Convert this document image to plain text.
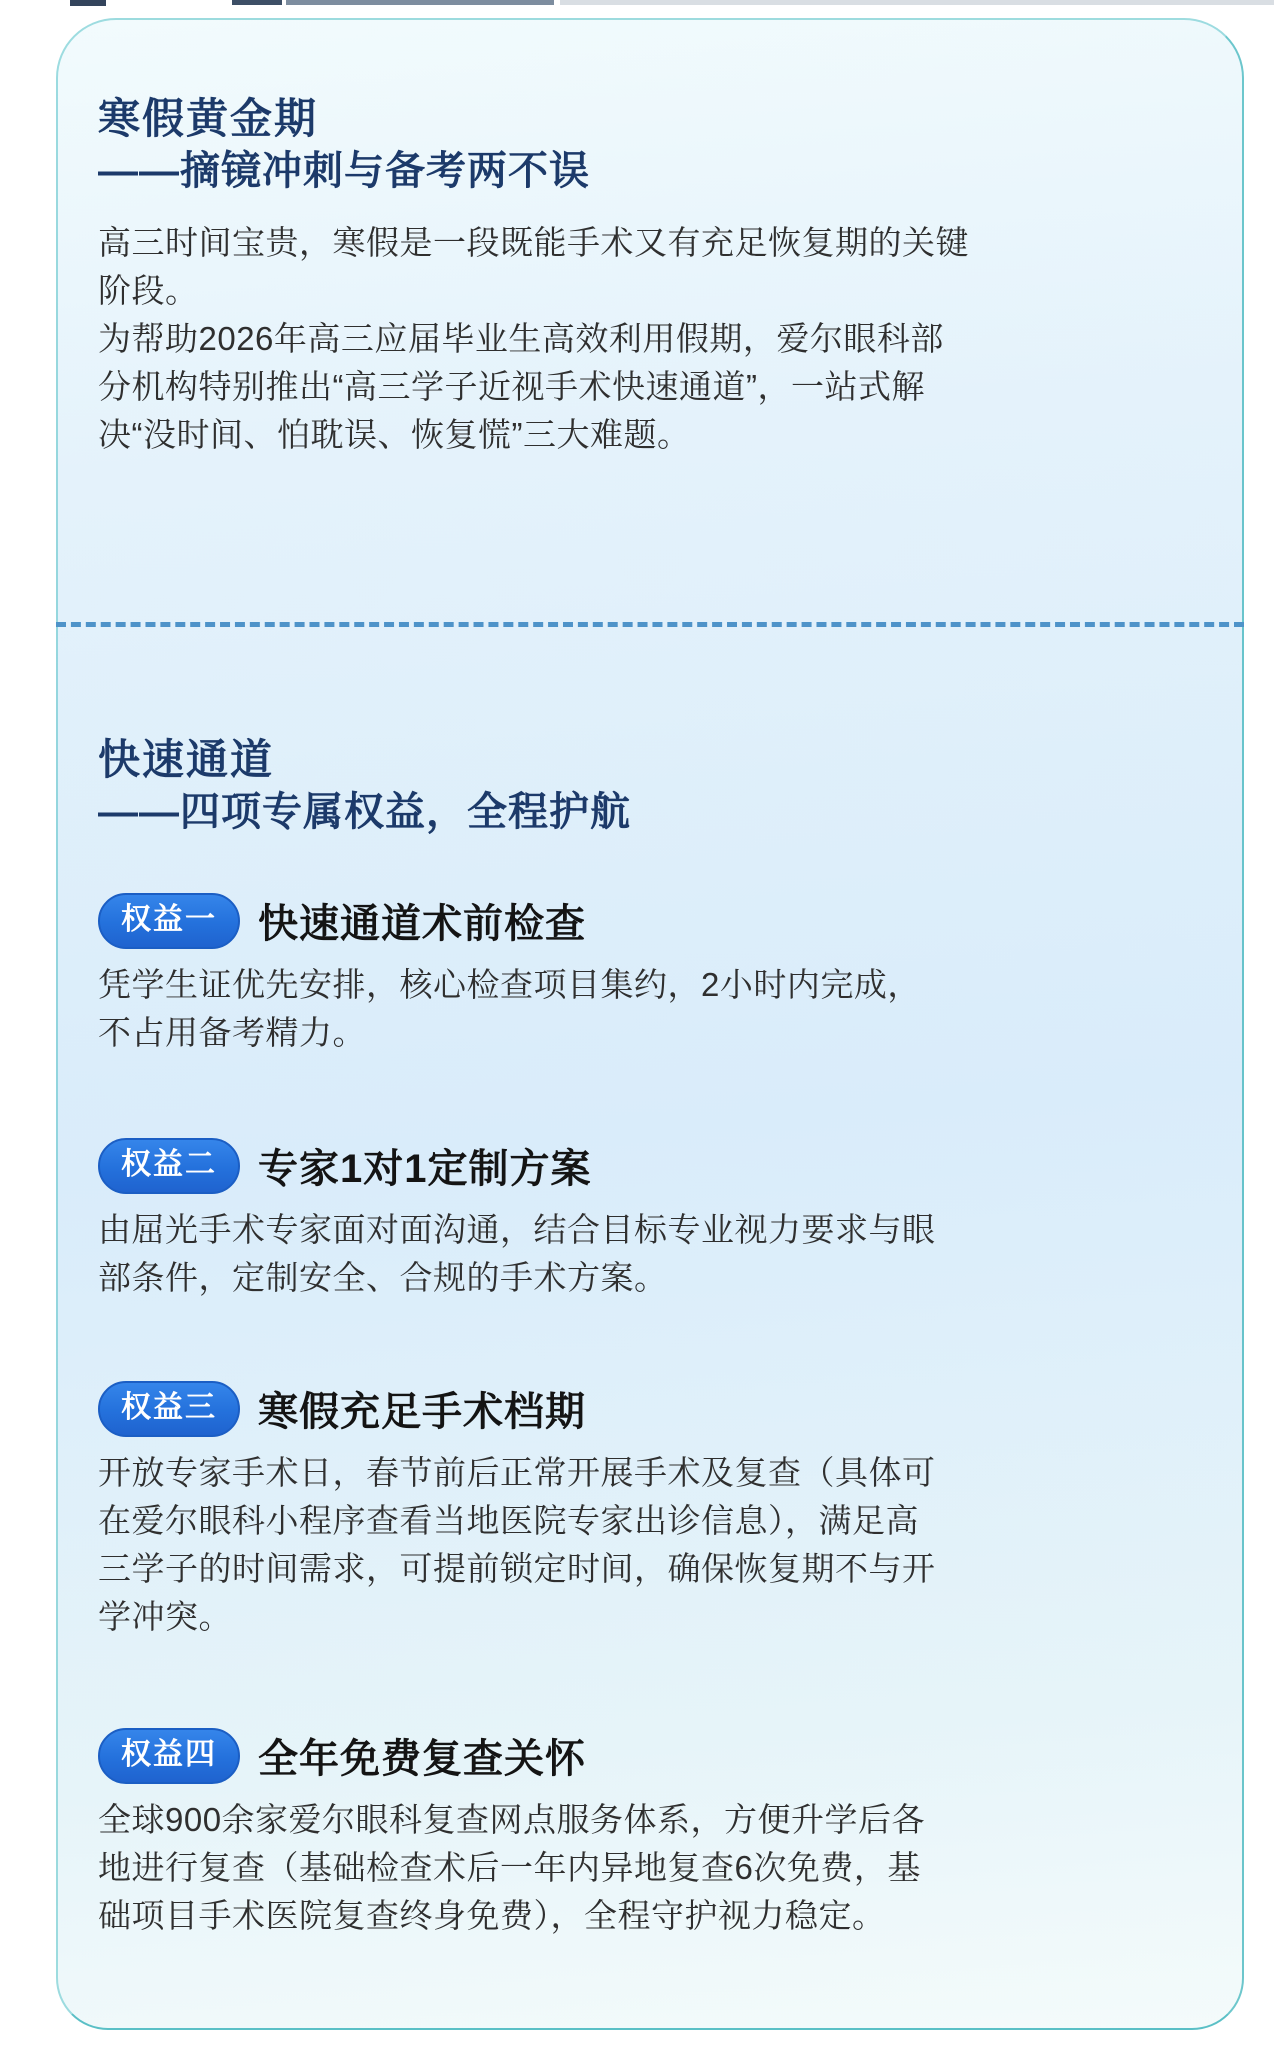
寒假黄金期
——摘镜冲刺与备考两不误
高三时间宝贵，寒假是一段既能手术又有充足恢复期的关键
阶段。
为帮助2026年高三应届毕业生高效利用假期，爱尔眼科部
分机构特别推出“高三学子近视手术快速通道”，一站式解
决“没时间、怕耽误、恢复慌”三大难题。
快速通道
——四项专属权益，全程护航
权益一	快速通道术前检查
凭学生证优先安排，核心检查项目集约，2小时内完成，
不占用备考精力。
权益二	专家1对1定制方案
由屈光手术专家面对面沟通，结合目标专业视力要求与眼
部条件，定制安全、合规的手术方案。
权益三	寒假充足手术档期
开放专家手术日，春节前后正常开展手术及复查（具体可
在爱尔眼科小程序查看当地医院专家出诊信息），满足高
三学子的时间需求，可提前锁定时间，确保恢复期不与开
学冲突。
权益四	全年免费复查关怀
全球900余家爱尔眼科复查网点服务体系，方便升学后各
地进行复查（基础检查术后一年内异地复查6次免费，基
础项目手术医院复查终身免费），全程守护视力稳定。
